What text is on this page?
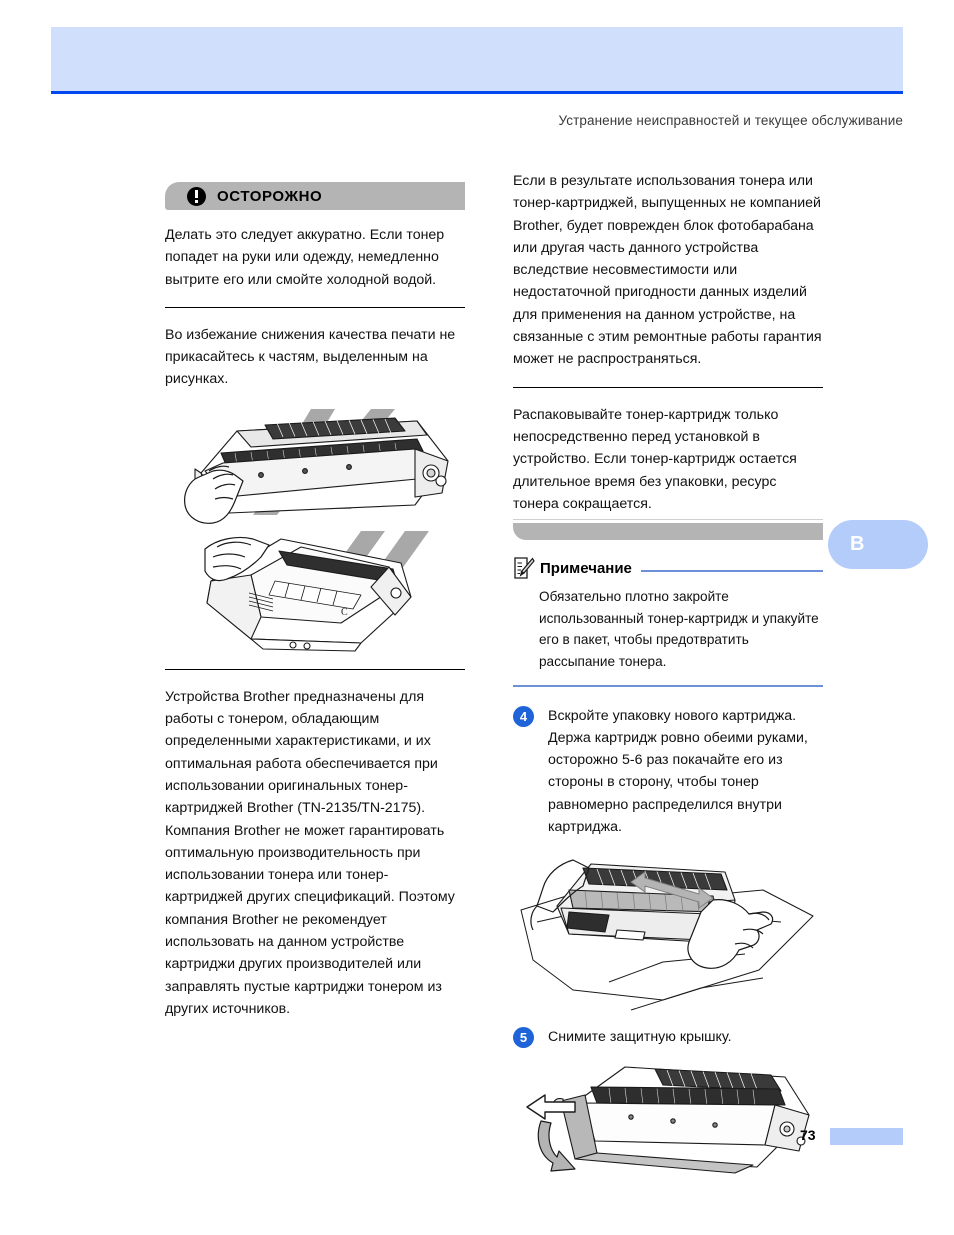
Устранение неисправностей и текущее обслуживание
ОСТОРОЖНО

Делать это следует аккуратно. Если тонер попадет на руки или одежду, немедленно вытрите его или смойте холодной водой.

Во избежание снижения качества печати не прикасайтесь к частям, выделенным на рисунках.

C

Устройства Brother предназначены для работы с тонером, обладающим определенными характеристиками, и их оптимальная работа обеспечивается при использовании оригинальных тонер-картриджей Brother (TN-2135/TN-2175). Компания Brother не может гарантировать оптимальную производительность при использовании тонера или тонер-картриджей других спецификаций. Поэтому компания Brother не рекомендует использовать на данном устройстве картриджи других производителей или заправлять пустые картриджи тонером из других источников.

Если в результате использования тонера или тонер-картриджей, выпущенных не компанией Brother, будет поврежден блок фотобарабана или другая часть данного устройства вследствие несовместимости или недостаточной пригодности данных изделий для применения на данном устройстве, на связанные с этим ремонтные работы гарантия может не распространяться.

Распаковывайте тонер-картридж только непосредственно перед установкой в устройство. Если тонер-картридж остается длительное время без упаковки, ресурс тонера сокращается.

Примечание

Обязательно плотно закройте использованный тонер-картридж и упакуйте его в пакет, чтобы предотвратить рассыпание тонера.

4	Вскройте упаковку нового картриджа. Держа картридж ровно обеими руками, осторожно 5-6 раз покачайте его из стороны в сторону, чтобы тонер равномерно распределился внутри картриджа.
5	Снимите защитную крышку.
B
73
